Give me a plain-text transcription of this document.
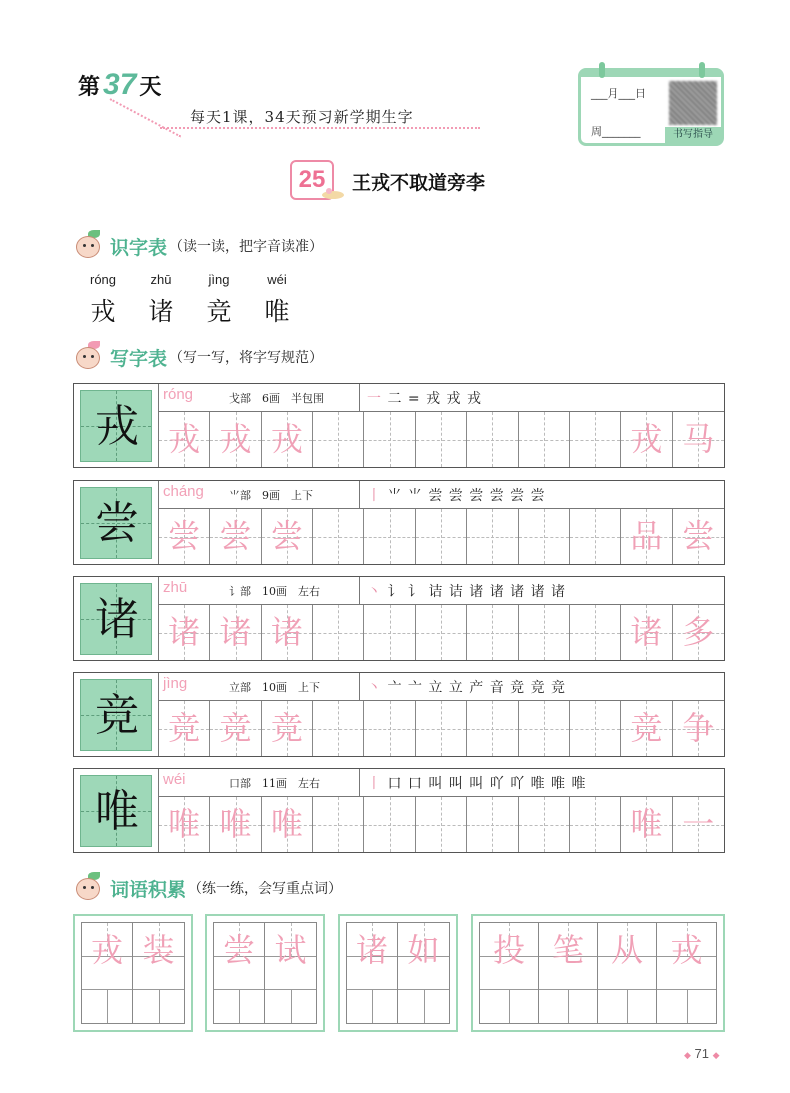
第 37 天
每天1课，34天预习新学期生字
___月___日
周_______	书写指导
25	王戎不取道旁李
识字表 （读一读，把字音读准）
róng
戎
zhū
诸
jìng
竞
wéi
唯
写字表 （写一写，将字写规范）
戎
róng	戈部　6画　半包围	一 二 = 戎 戎 戎
戎 戎 戎	戎 马
尝
cháng ⺌部　9画　上下	丨 ⺌ ⺌ 尝 尝 尝 尝 尝 尝
尝 尝 尝	品 尝
诸
zhū	讠部　10画　左右	丶 讠 讠 诘 诘 诸 诸 诸 诸 诸
诸 诸 诸	诸 多
竞
jìng	立部　10画　上下	丶 亠 亠 立 立 产 音 竞 竞 竞
竞 竞 竞	竞 争
唯
wéi	口部　11画　左右	丨 口 口 叫 叫 叫 吖 吖 唯 唯 唯
唯 唯 唯	唯 一
词语积累 （练一练，会写重点词）
戎 装 尝 试 诸 如	投 笔 从 戎
◆ 71 ◆
